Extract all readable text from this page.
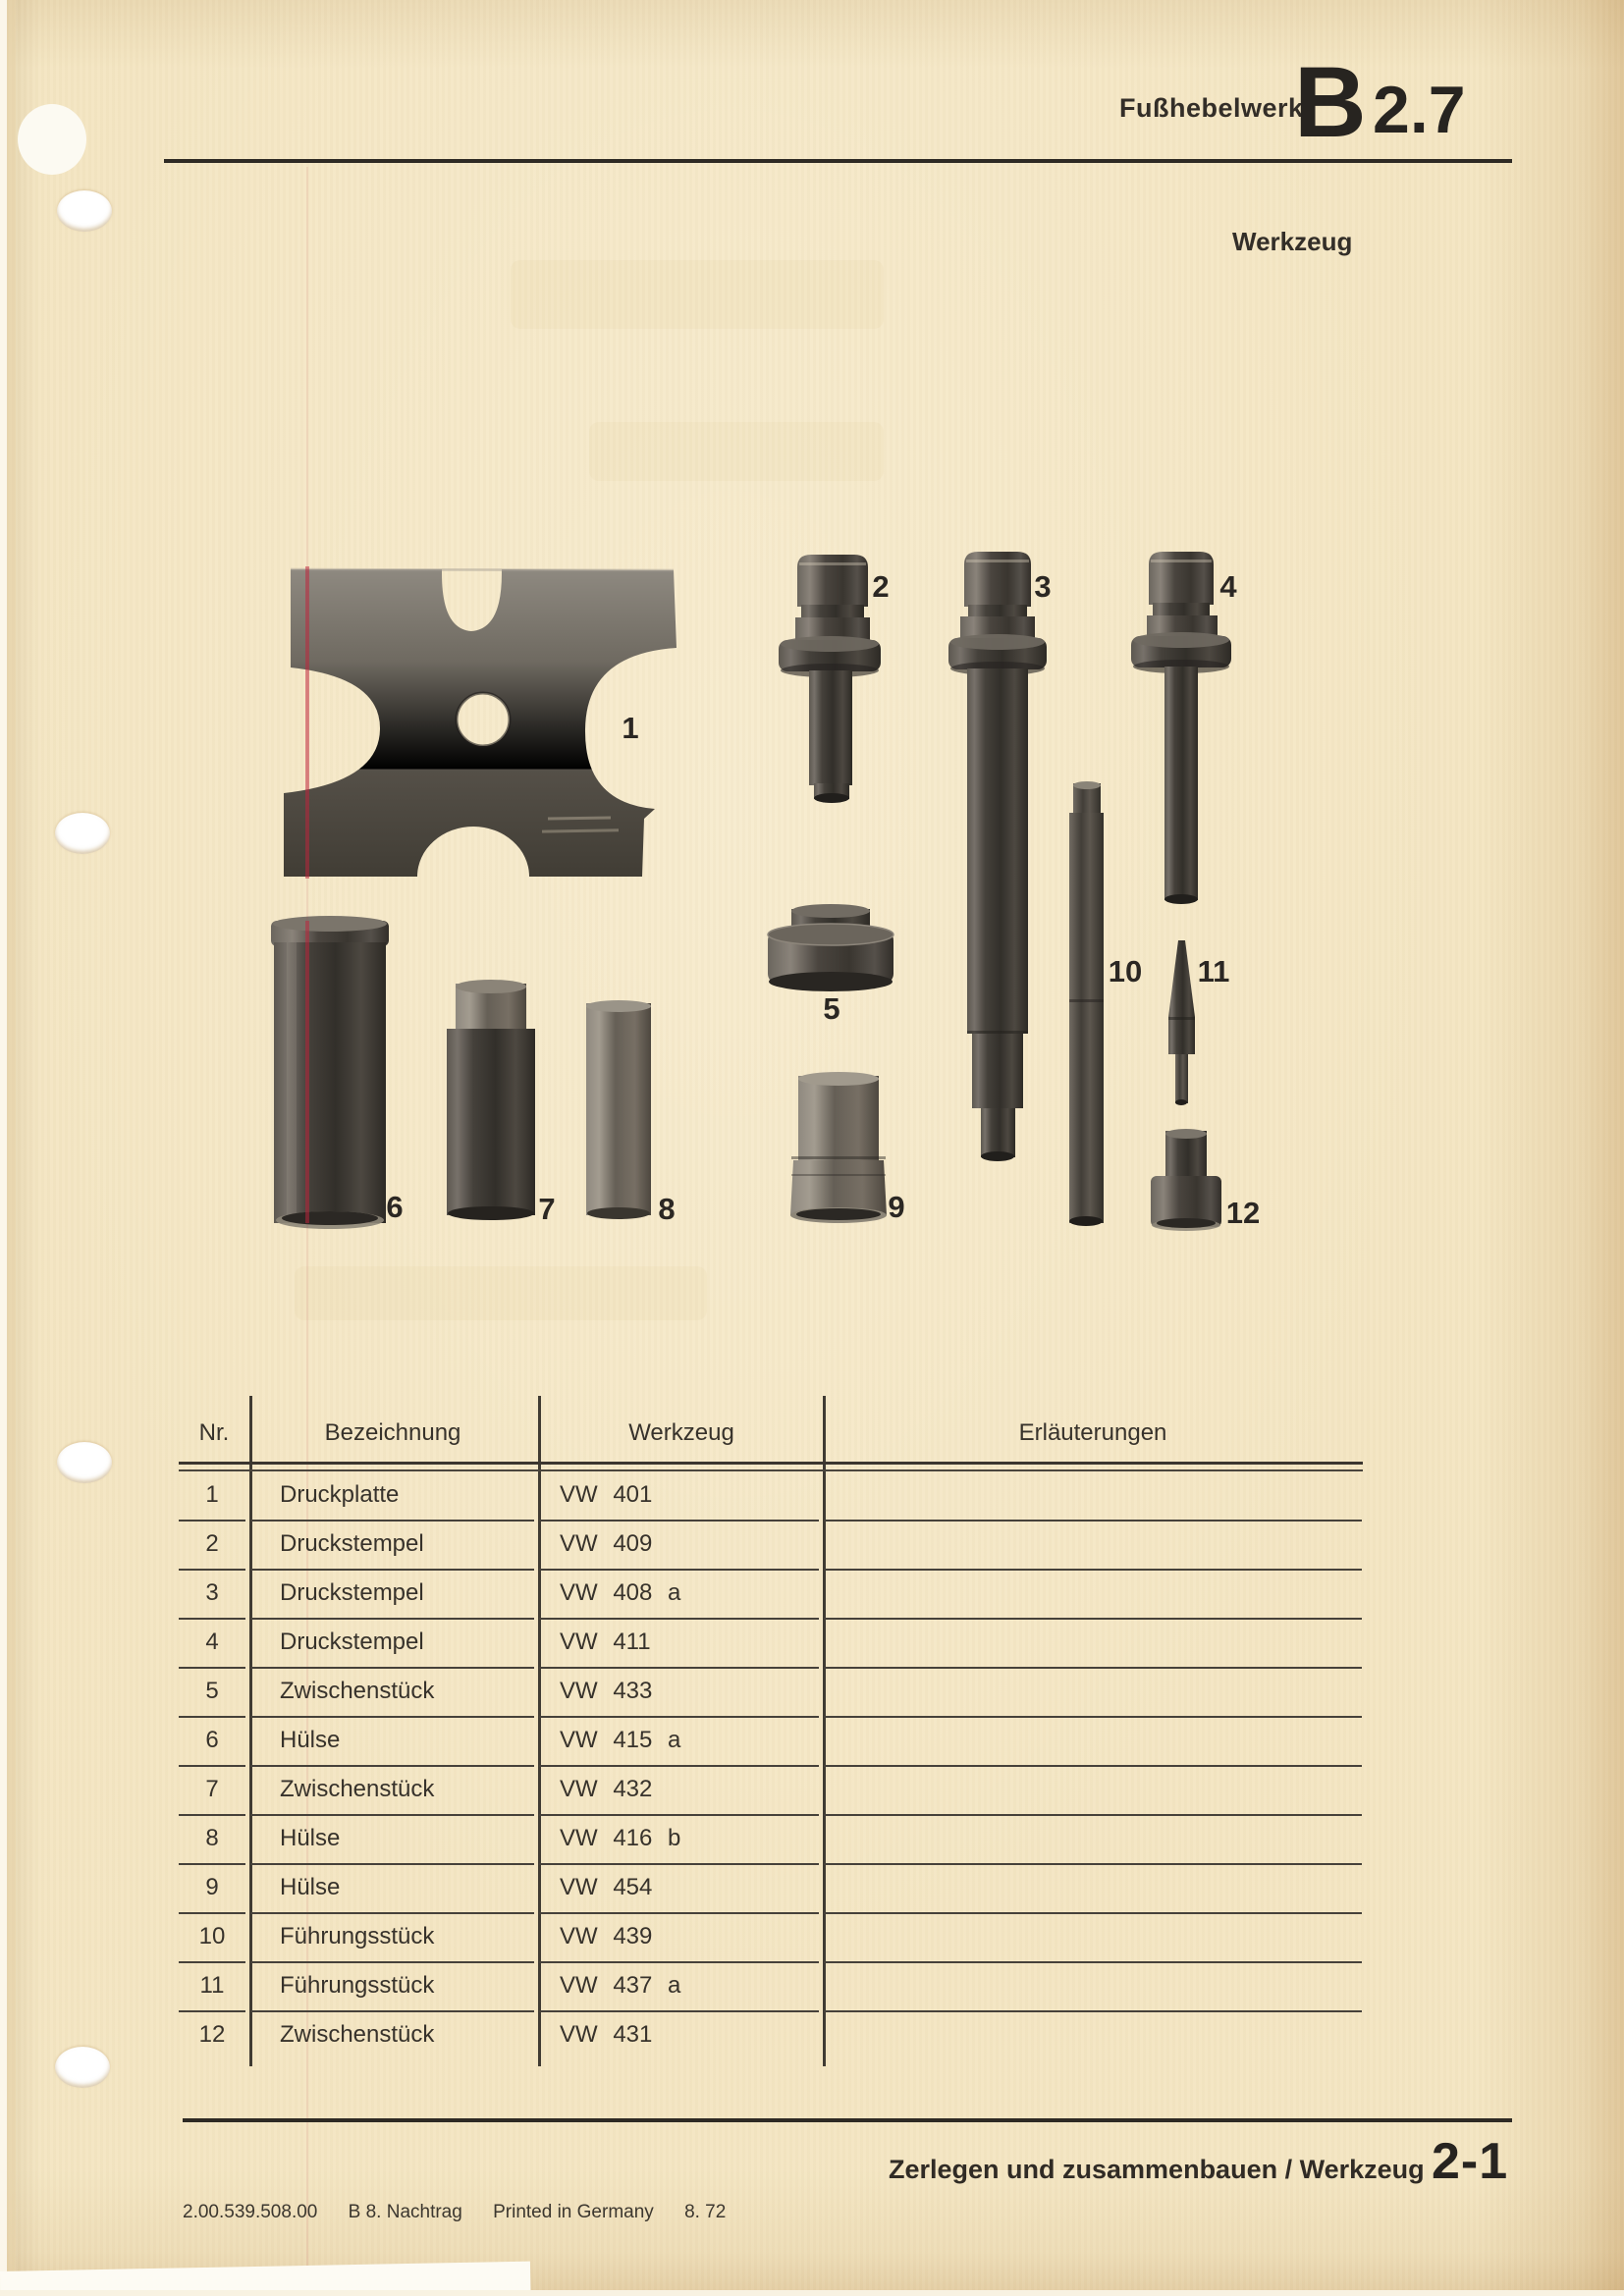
Fußhebelwerk
B 2.7
Werkzeug
1
2	3	4
5
6	7	8	9
10 11
12
Nr.	Bezeichnung	Werkzeug	Erläuterungen
1	Druckplatte	VW 401
2	Druckstempel	VW 409
3	Druckstempel	VW 408 a
4	Druckstempel	VW 411
5	Zwischenstück	VW 433
6	Hülse	VW 415 a
7	Zwischenstück	VW 432
8	Hülse	VW 416 b
9	Hülse	VW 454
10	Führungsstück	VW 439
11	Führungsstück	VW 437 a
12	Zwischenstück	VW 431
Zerlegen und zusammenbauen / Werkzeug 2-1
2.00.539.508.00 B 8. Nachtrag Printed in Germany 8. 72
